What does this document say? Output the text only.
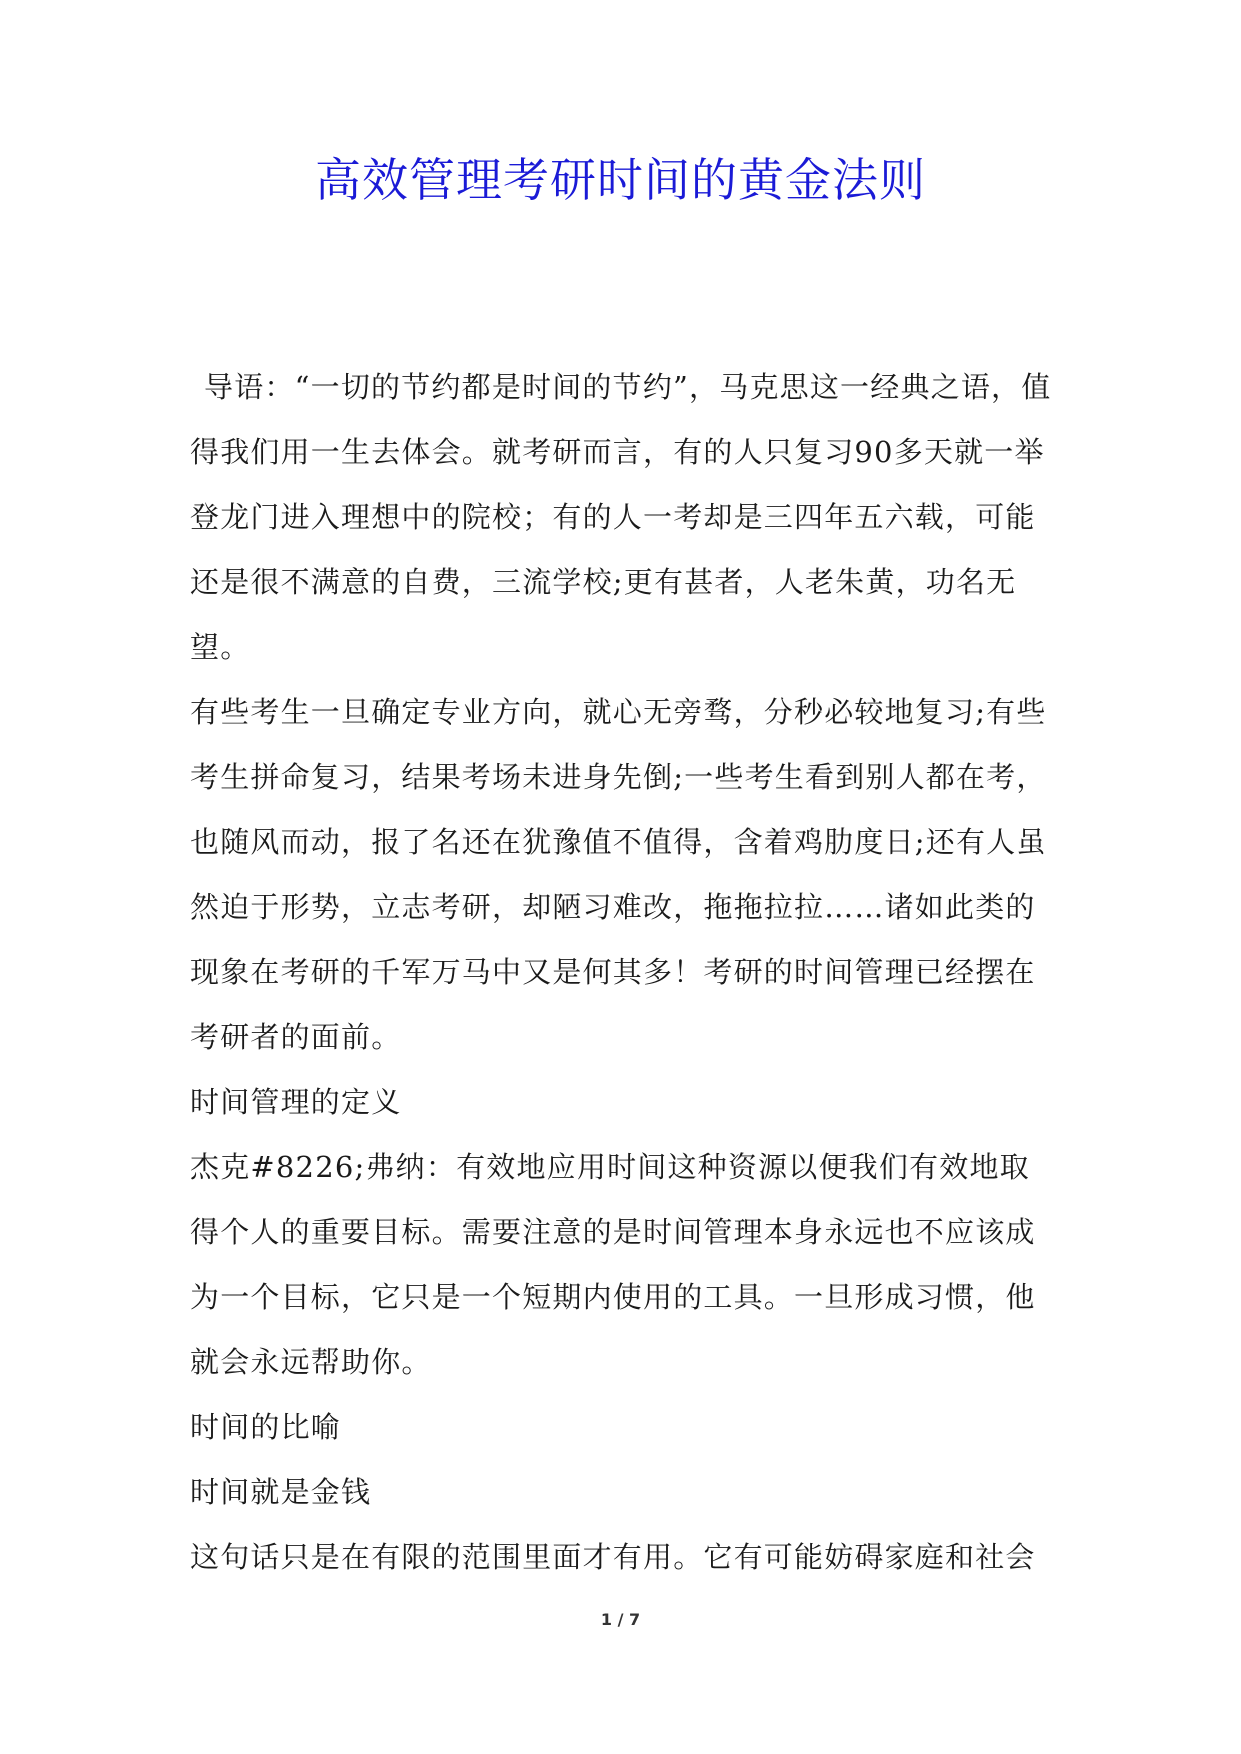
高效管理考研时间的黄金法则

导语：“一切的节约都是时间的节约”，马克思这一经典之语，值得我们用一生去体会。就考研而言，有的人只复习90多天就一举登龙门进入理想中的院校；有的人一考却是三四年五六载，可能还是很不满意的自费，三流学校;更有甚者，人老朱黄，功名无望。

有些考生一旦确定专业方向，就心无旁骛，分秒必较地复习;有些考生拼命复习，结果考场未进身先倒;一些考生看到别人都在考，也随风而动，报了名还在犹豫值不值得，含着鸡肋度日;还有人虽然迫于形势，立志考研，却陋习难改，拖拖拉拉……诸如此类的现象在考研的千军万马中又是何其多！考研的时间管理已经摆在考研者的面前。

时间管理的定义

杰克#8226;弗纳：有效地应用时间这种资源以便我们有效地取得个人的重要目标。需要注意的是时间管理本身永远也不应该成为一个目标，它只是一个短期内使用的工具。一旦形成习惯，他就会永远帮助你。

时间的比喻

时间就是金钱

这句话只是在有限的范围里面才有用。它有可能妨碍家庭和社会

1 / 7
